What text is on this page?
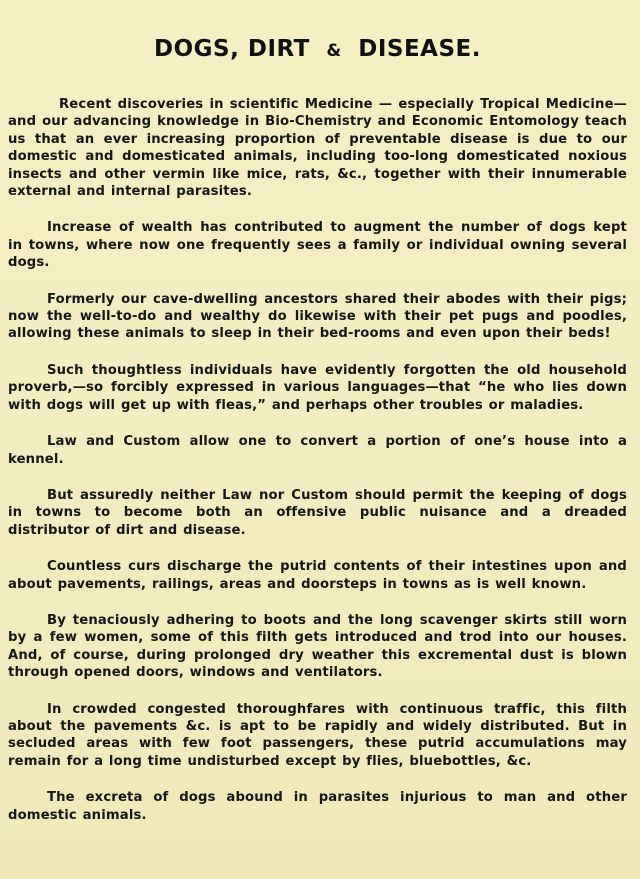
DOGS, DIRT & DISEASE.

Recent discoveries in scientific Medicine — especially Tropical Medicine—and our advancing knowledge in Bio-Chemistry and Economic Entomology teach us that an ever increasing proportion of preventable disease is due to our domestic and domesticated animals, including too-long domesticated noxious insects and other vermin like mice, rats, &c., together with their innumerable external and internal parasites.

Increase of wealth has contributed to augment the number of dogs kept in towns, where now one frequently sees a family or individual owning several dogs.

Formerly our cave-dwelling ancestors shared their abodes with their pigs; now the well-to-do and wealthy do likewise with their pet pugs and poodles, allowing these animals to sleep in their bed-rooms and even upon their beds!

Such thoughtless individuals have evidently forgotten the old household proverb,—so forcibly expressed in various languages—that “he who lies down with dogs will get up with fleas,” and perhaps other troubles or maladies.

Law and Custom allow one to convert a portion of one’s house into a kennel.

But assuredly neither Law nor Custom should permit the keeping of dogs in towns to become both an offensive public nuisance and a dreaded distributor of dirt and disease.

Countless curs discharge the putrid contents of their intestines upon and about pavements, railings, areas and doorsteps in towns as is well known.

By tenaciously adhering to boots and the long scavenger skirts still worn by a few women, some of this filth gets introduced and trod into our houses. And, of course, during prolonged dry weather this excremental dust is blown through opened doors, windows and ventilators.

In crowded congested thoroughfares with continuous traffic, this filth about the pavements &c. is apt to be rapidly and widely distributed. But in secluded areas with few foot passengers, these putrid accumulations may remain for a long time undisturbed except by flies, bluebottles, &c.

The excreta of dogs abound in parasites injurious to man and other domestic animals.
